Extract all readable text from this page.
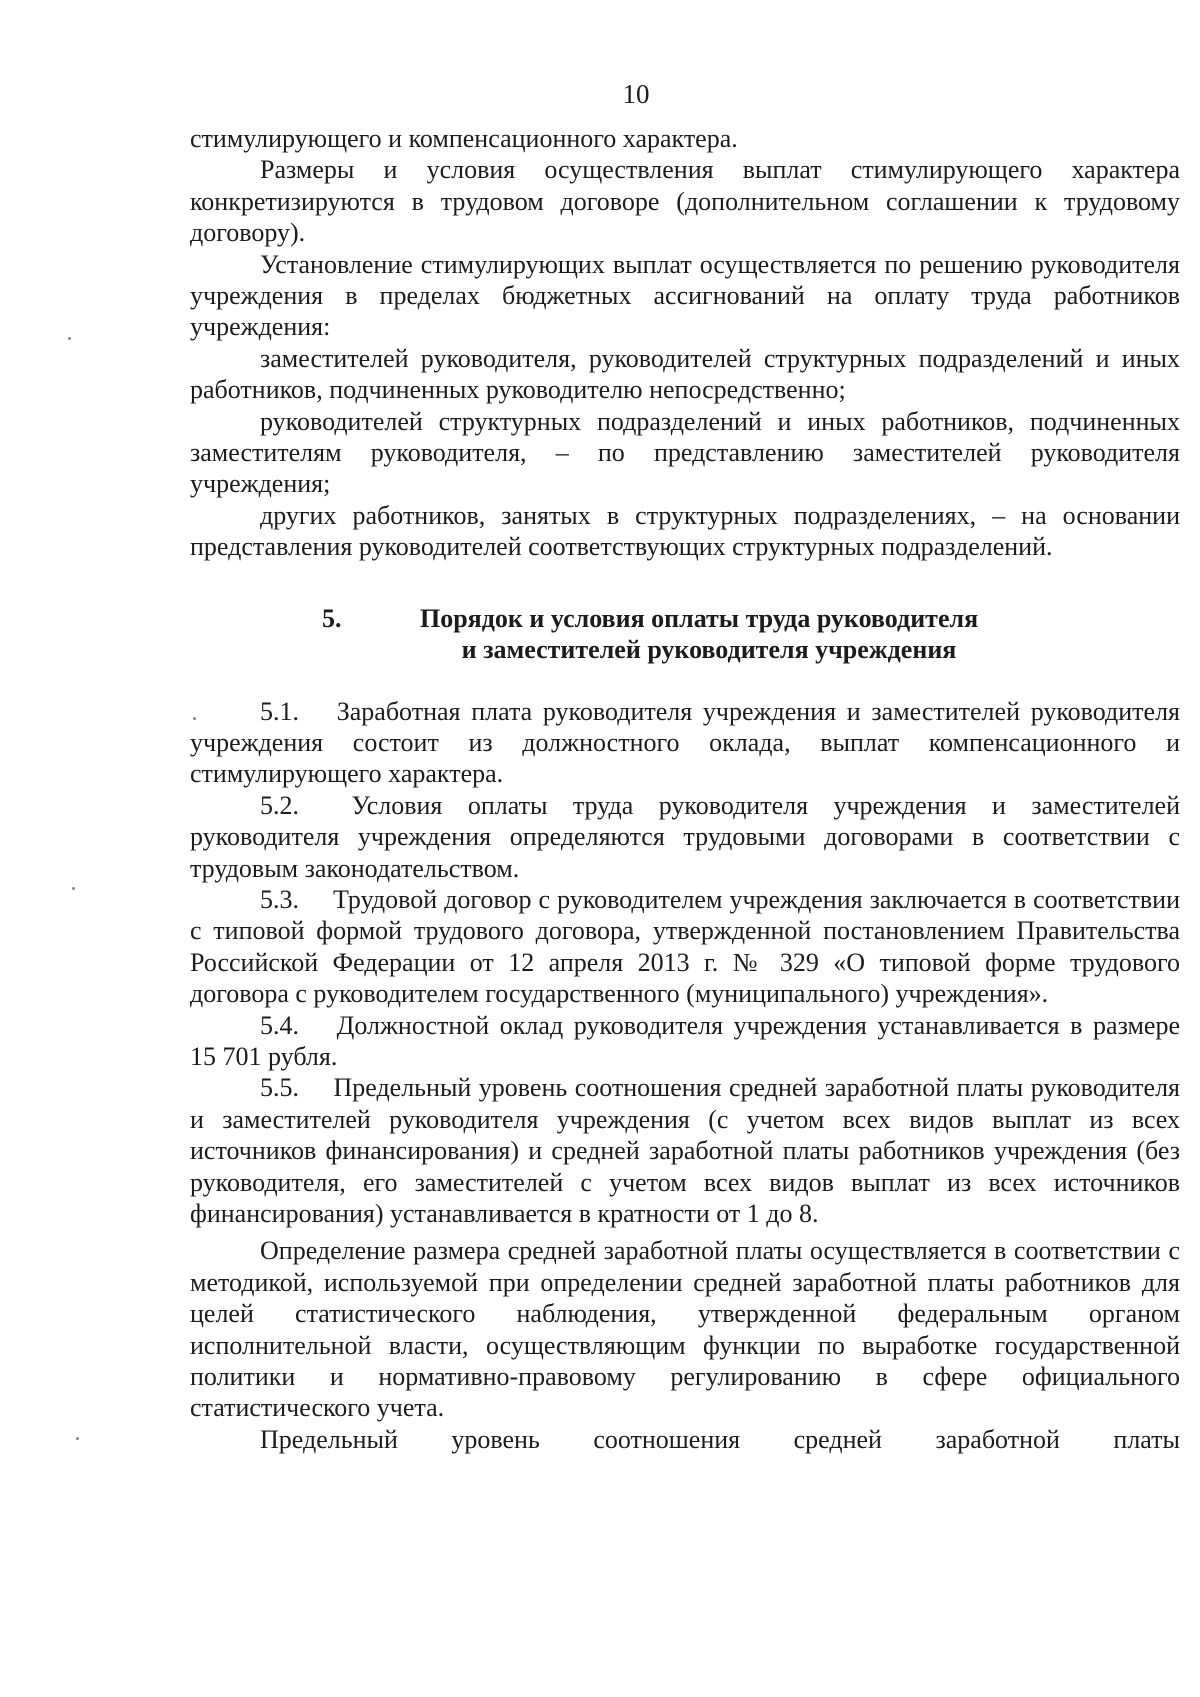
10

стимулирующего и компенсационного характера.

Размеры и условия осуществления выплат стимулирующего характера конкретизируются в трудовом договоре (дополнительном соглашении к трудовому договору).

Установление стимулирующих выплат осуществляется по решению руководителя учреждения в пределах бюджетных ассигнований на оплату труда работников учреждения:

заместителей руководителя, руководителей структурных подразделений и иных работников, подчиненных руководителю непосредственно;

руководителей структурных подразделений и иных работников, подчиненных заместителям руководителя, – по представлению заместителей руководителя учреждения;

других работников, занятых в структурных подразделениях, – на основании представления руководителей соответствующих структурных подразделений.

5.	Порядок и условия оплаты труда руководителя
и заместителей руководителя учреждения

5.1. Заработная плата руководителя учреждения и заместителей руководителя учреждения состоит из должностного оклада, выплат компенсационного и стимулирующего характера.

5.2. Условия оплаты труда руководителя учреждения и заместителей руководителя учреждения определяются трудовыми договорами в соответствии с трудовым законодательством.

5.3. Трудовой договор с руководителем учреждения заключается в соответствии с типовой формой трудового договора, утвержденной постановлением Правительства Российской Федерации от 12 апреля 2013 г. № 329 «О типовой форме трудового договора с руководителем государственного (муниципального) учреждения».

5.4. Должностной оклад руководителя учреждения устанавливается в размере 15 701 рубля.

5.5. Предельный уровень соотношения средней заработной платы руководителя и заместителей руководителя учреждения (с учетом всех видов выплат из всех источников финансирования) и средней заработной платы работников учреждения (без руководителя, его заместителей с учетом всех видов выплат из всех источников финансирования) устанавливается в кратности от 1 до 8.

Определение размера средней заработной платы осуществляется в соответствии с методикой, используемой при определении средней заработной платы работников для целей статистического наблюдения, утвержденной федеральным органом исполнительной власти, осуществляющим функции по выработке государственной политики и нормативно-правовому регулированию в сфере официального статистического учета.

Предельный уровень соотношения средней заработной платы
